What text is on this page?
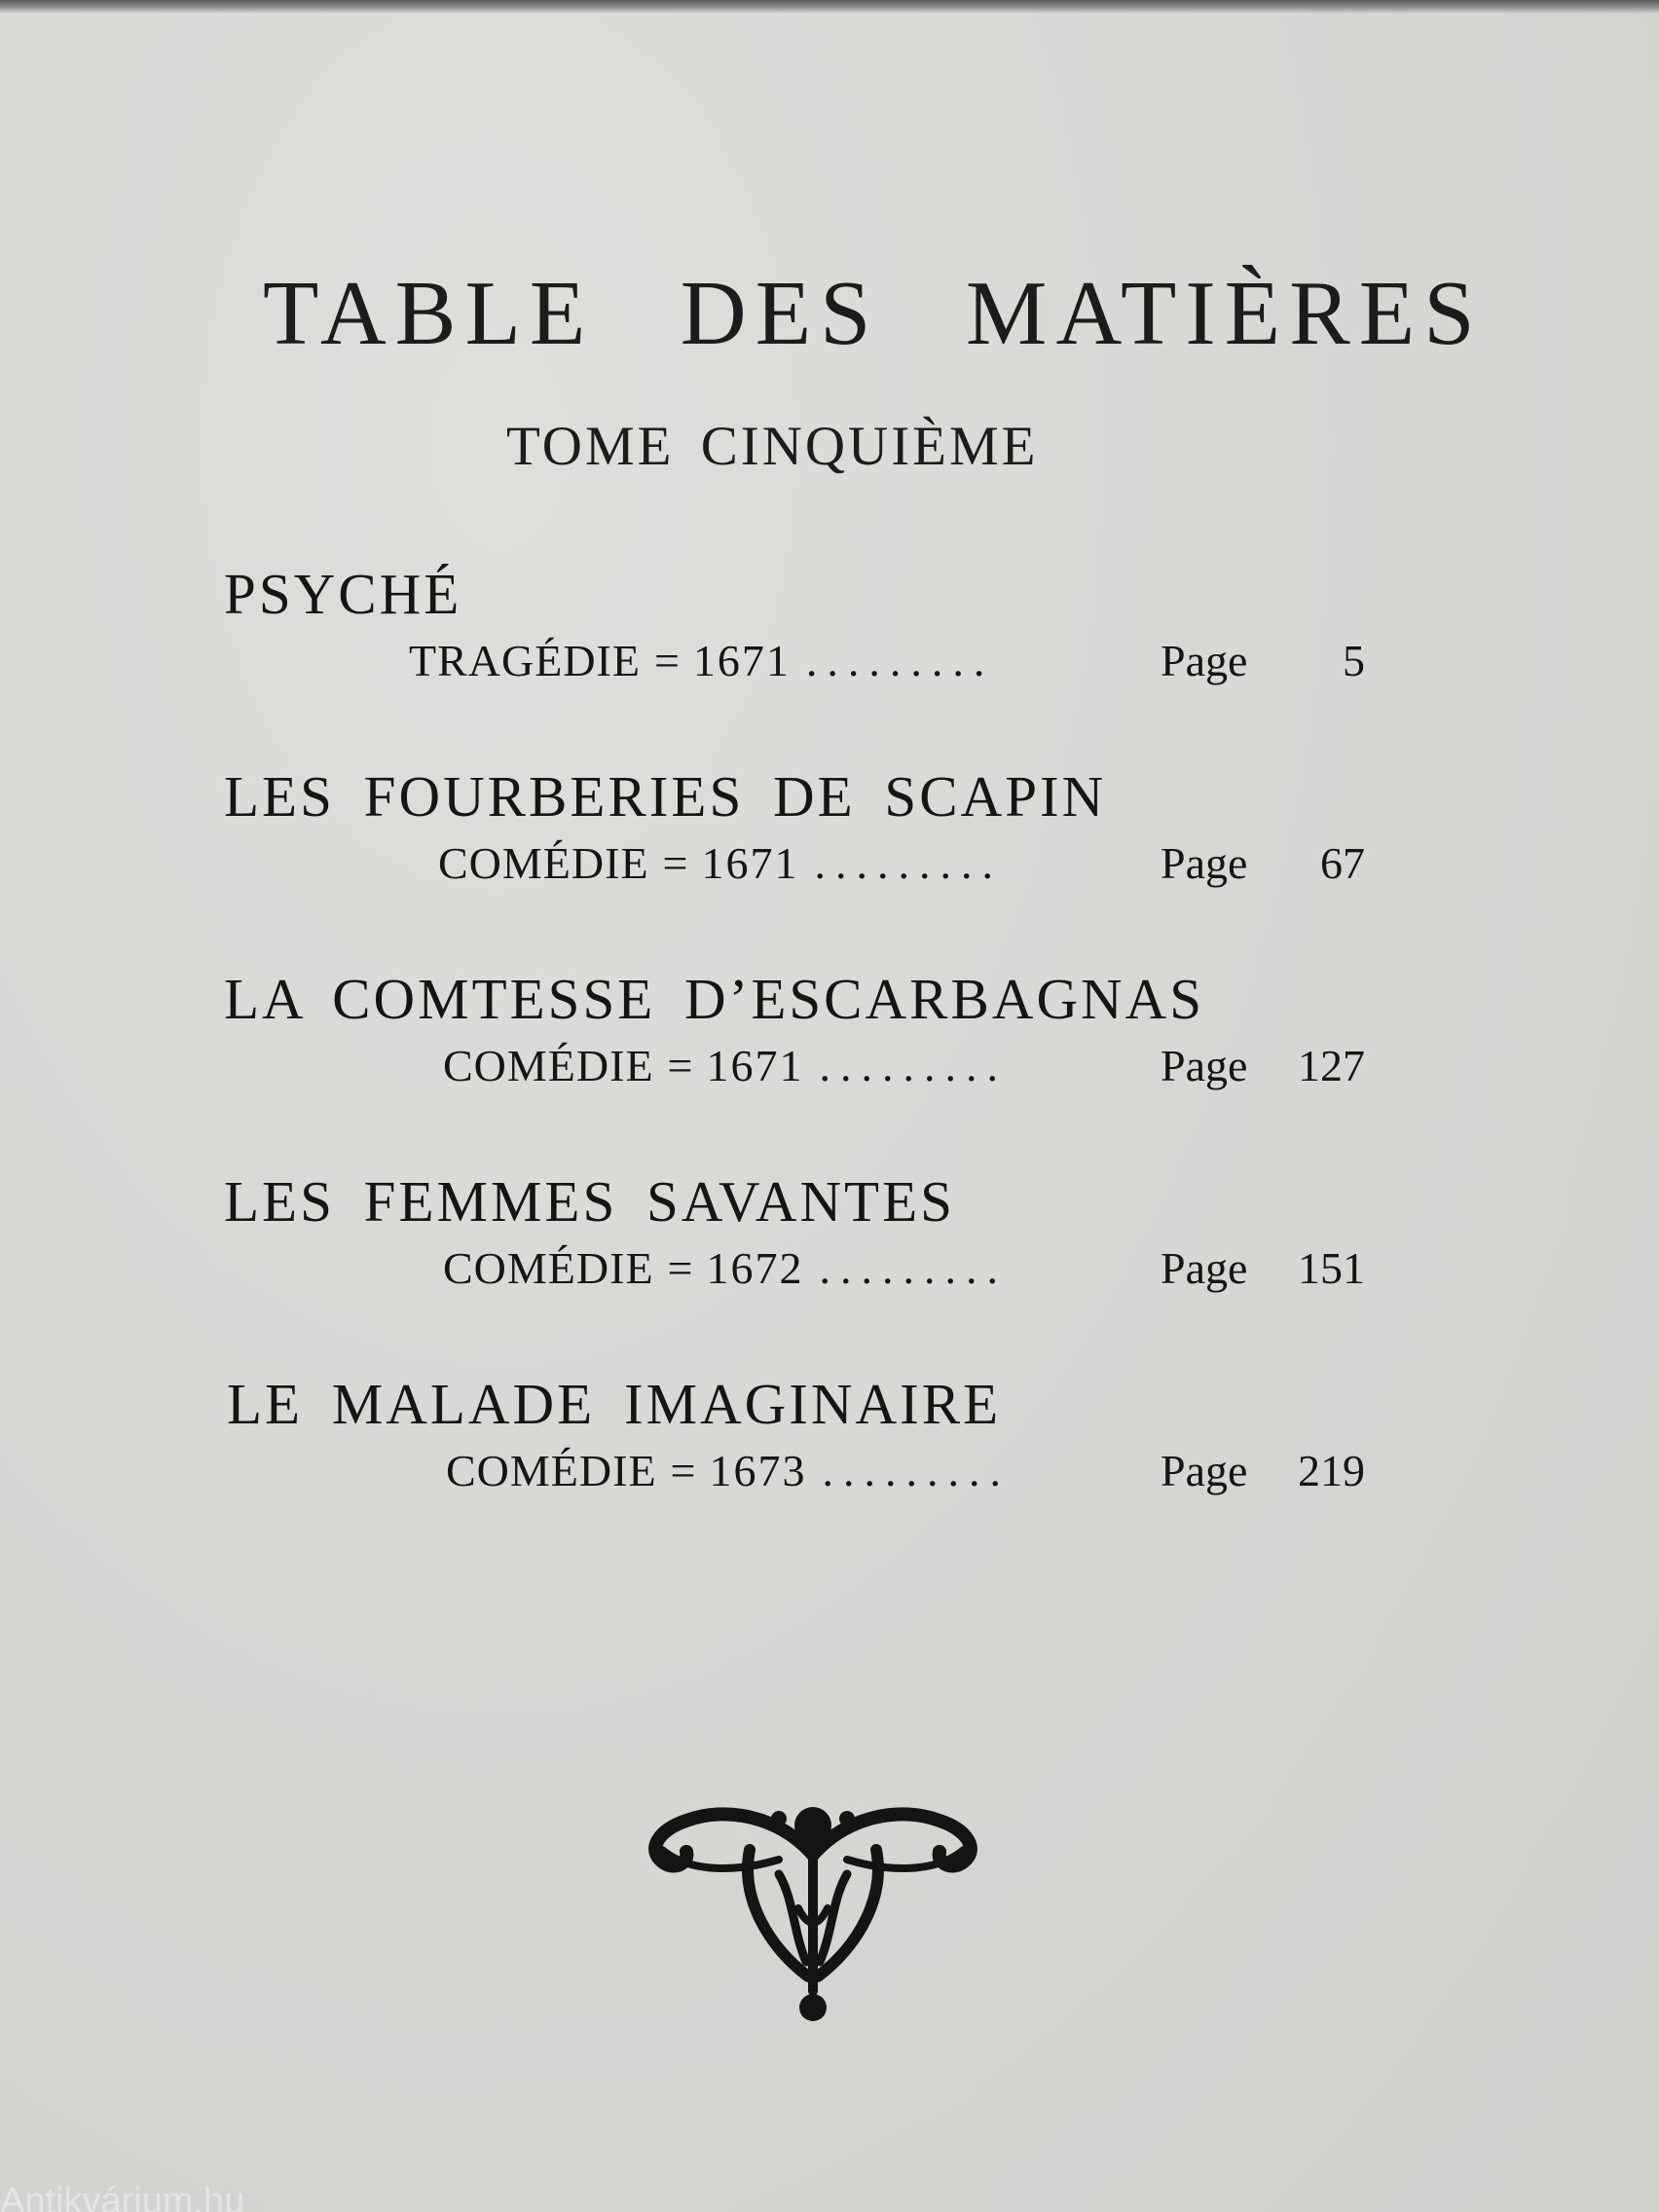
TABLE DES MATIÈRES
TOME CINQUIÈME
PSYCHÉ
TRAGÉDIE = 1671 .........	Page	5
LES FOURBERIES DE SCAPIN
COMÉDIE = 1671 .........	Page	67
LA COMTESSE D’ESCARBAGNAS
COMÉDIE = 1671 .........	Page	127
LES FEMMES SAVANTES
COMÉDIE = 1672 .........	Page	151
LE MALADE IMAGINAIRE
COMÉDIE = 1673 .........	Page	219
Antikvárium.hu
